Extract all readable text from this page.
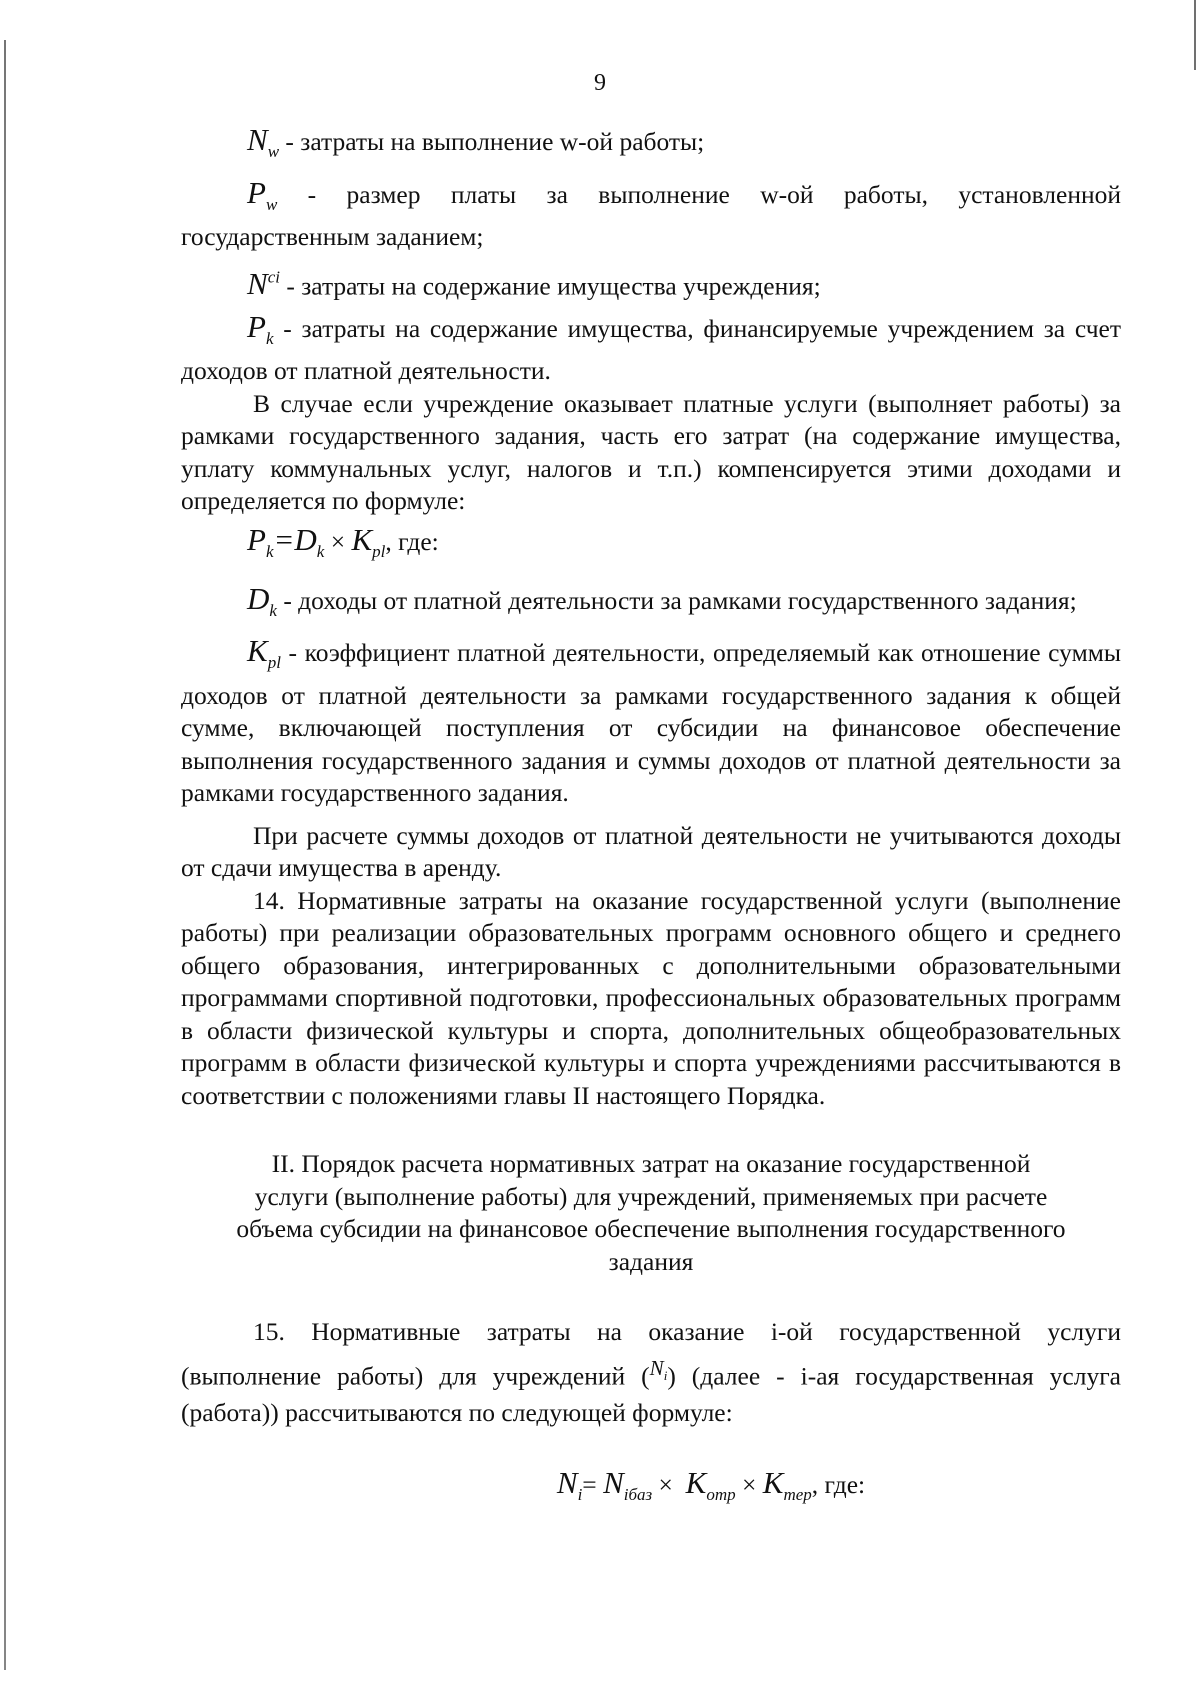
9

$N_w$ - затраты на выполнение w-ой работы;

$P_w$ - размер платы за выполнение w-ой работы, установленной государственным заданием;

$N^{ci}$ - затраты на содержание имущества учреждения;

$P_k$ - затраты на содержание имущества, финансируемые учреждением за счет доходов от платной деятельности.

В случае если учреждение оказывает платные услуги (выполняет работы) за рамками государственного задания, часть его затрат (на содержание имущества, уплату коммунальных услуг, налогов и т.п.) компенсируется этими доходами и определяется по формуле:

$P_k=D_k \times K_{pl}$, где:

$D_k$ - доходы от платной деятельности за рамками государственного задания;

$K_{pl}$ - коэффициент платной деятельности, определяемый как отношение суммы доходов от платной деятельности за рамками государственного задания к общей сумме, включающей поступления от субсидии на финансовое обеспечение выполнения государственного задания и суммы доходов от платной деятельности за рамками государственного задания.

При расчете суммы доходов от платной деятельности не учитываются доходы от сдачи имущества в аренду.

14. Нормативные затраты на оказание государственной услуги (выполнение работы) при реализации образовательных программ основного общего и среднего общего образования, интегрированных с дополнительными образовательными программами спортивной подготовки, профессиональных образовательных программ в области физической культуры и спорта, дополнительных общеобразовательных программ в области физической культуры и спорта учреждениями рассчитываются в соответствии с положениями главы II настоящего Порядка.

II. Порядок расчета нормативных затрат на оказание государственной
услуги (выполнение работы) для учреждений, применяемых при расчете
объема субсидии на финансовое обеспечение выполнения государственного
задания

15. Нормативные затраты на оказание i-ой государственной услуги (выполнение работы) для учреждений ($^{N_i}$) (далее - i-ая государственная услуга (работа)) рассчитываются по следующей формуле:

$N_i= N_{iбаз} \times K_{отр} \times K_{тер}$, где:
